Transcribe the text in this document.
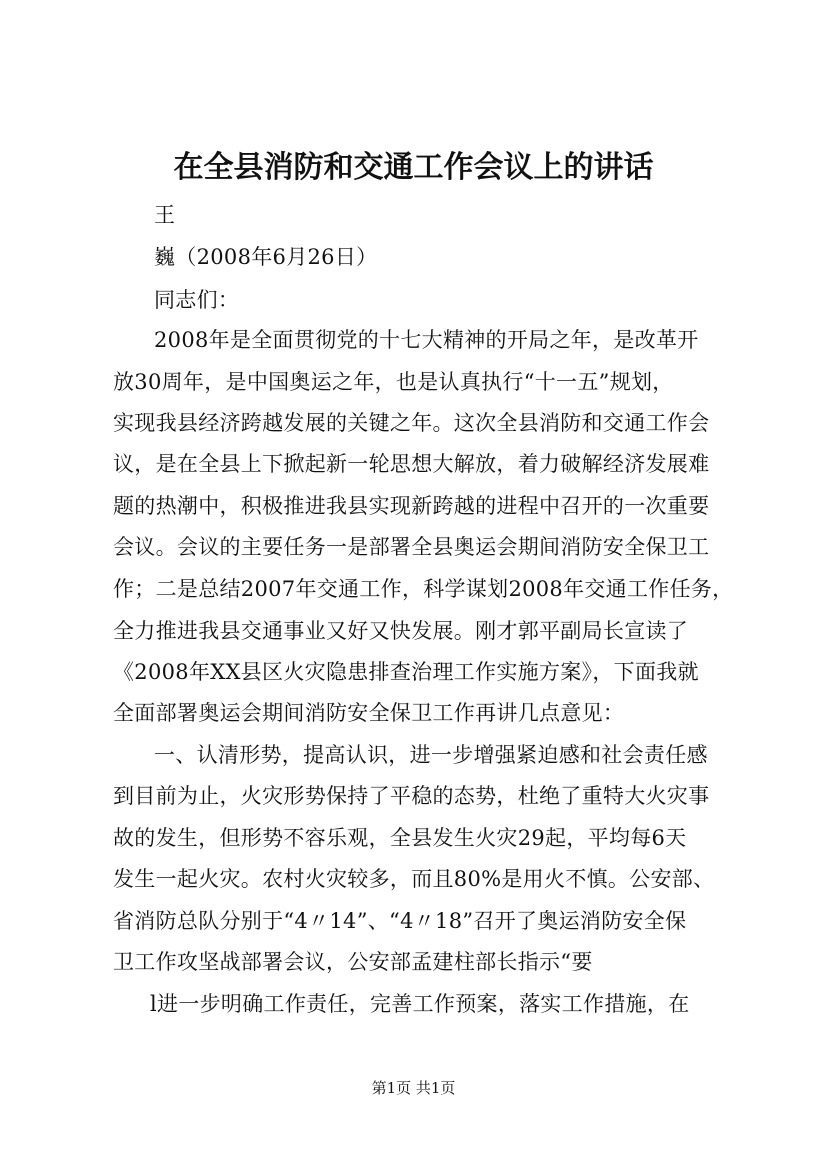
在全县消防和交通工作会议上的讲话
王
巍（2008年6月26日）
同志们：
2008年是全面贯彻党的十七大精神的开局之年，是改革开
放30周年，是中国奥运之年，也是认真执行“十一五”规划，
实现我县经济跨越发展的关键之年。这次全县消防和交通工作会
议，是在全县上下掀起新一轮思想大解放，着力破解经济发展难
题的热潮中，积极推进我县实现新跨越的进程中召开的一次重要
会议。会议的主要任务一是部署全县奥运会期间消防安全保卫工
作；二是总结2007年交通工作，科学谋划2008年交通工作任务，
全力推进我县交通事业又好又快发展。刚才郭平副局长宣读了
《2008年XX县区火灾隐患排查治理工作实施方案》，下面我就
全面部署奥运会期间消防安全保卫工作再讲几点意见：
一、认清形势，提高认识，进一步增强紧迫感和社会责任感
到目前为止，火灾形势保持了平稳的态势，杜绝了重特大火灾事
故的发生，但形势不容乐观，全县发生火灾29起，平均每6天
发生一起火灾。农村火灾较多，而且80%是用火不慎。公安部、
省消防总队分别于“4〃14”、“4〃18”召开了奥运消防安全保
卫工作攻坚战部署会议，公安部孟建柱部长指示“要
l进一步明确工作责任，完善工作预案，落实工作措施，在
第1页 共1页
